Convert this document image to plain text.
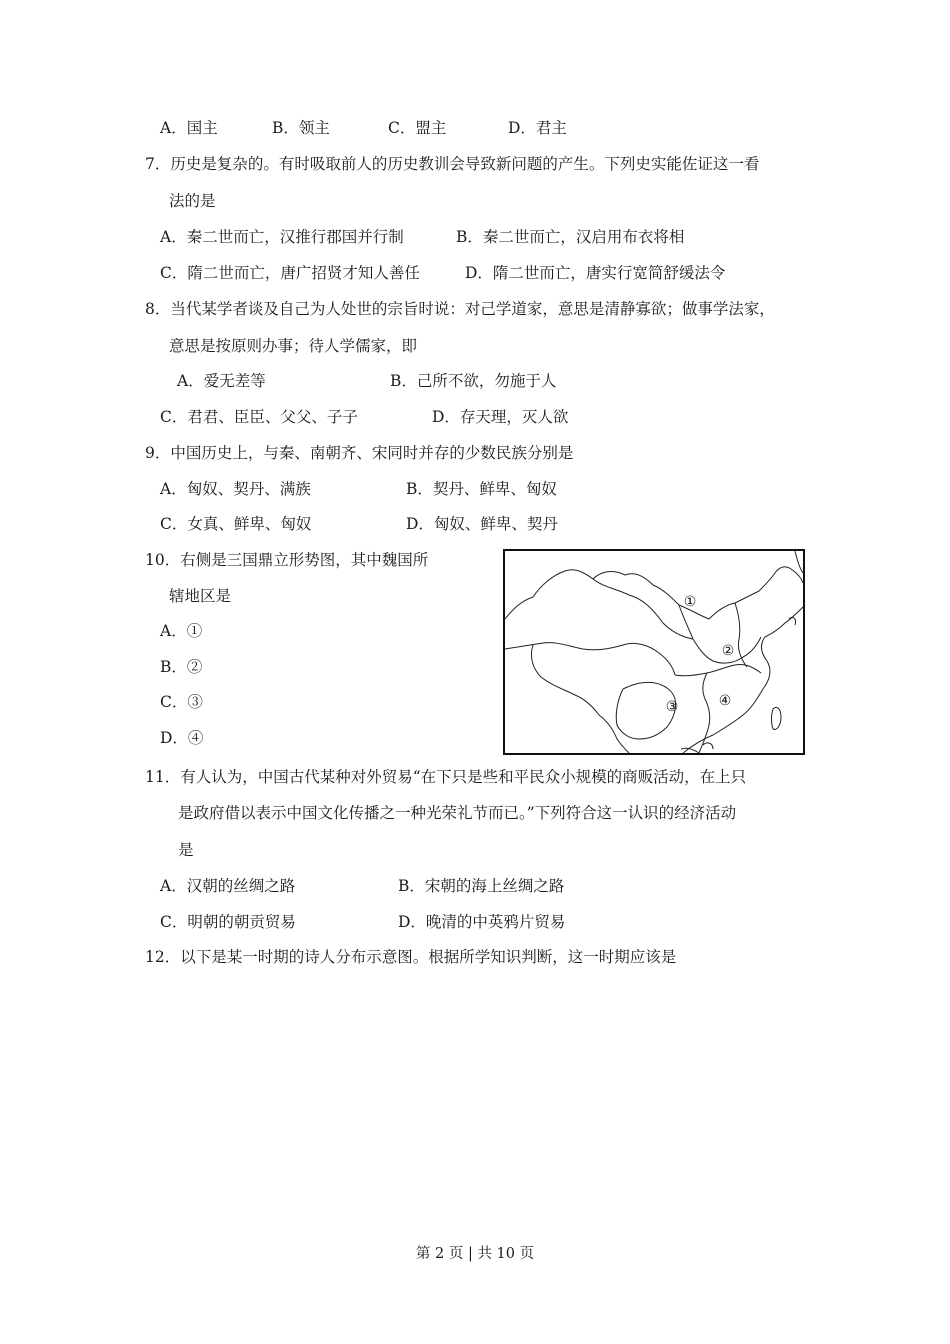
A．国主	B．领主	C．盟主	D．君主
7．历史是复杂的。有时吸取前人的历史教训会导致新问题的产生。下列史实能佐证这一看
法的是
A．秦二世而亡，汉推行郡国并行制	B．秦二世而亡，汉启用布衣将相
C．隋二世而亡，唐广招贤才知人善任	D．隋二世而亡，唐实行宽简舒缓法令
8．当代某学者谈及自己为人处世的宗旨时说：对己学道家，意思是清静寡欲；做事学法家，
意思是按原则办事；待人学儒家，即
A．爱无差等	B．己所不欲，勿施于人
C．君君、臣臣、父父、子子	D．存天理，灭人欲
9．中国历史上，与秦、南朝齐、宋同时并存的少数民族分别是
A．匈奴、契丹、满族	B．契丹、鲜卑、匈奴
C．女真、鲜卑、匈奴	D．匈奴、鲜卑、契丹
10．右侧是三国鼎立形势图，其中魏国所
辖地区是
A．①
B．②
C．③
D．④
①
②
③	④
11．有人认为，中国古代某种对外贸易“在下只是些和平民众小规模的商贩活动，在上只
是政府借以表示中国文化传播之一种光荣礼节而已。”下列符合这一认识的经济活动
是
A．汉朝的丝绸之路	B．宋朝的海上丝绸之路
C．明朝的朝贡贸易	D．晚清的中英鸦片贸易
12．以下是某一时期的诗人分布示意图。根据所学知识判断，这一时期应该是
第 2 页 | 共 10 页
